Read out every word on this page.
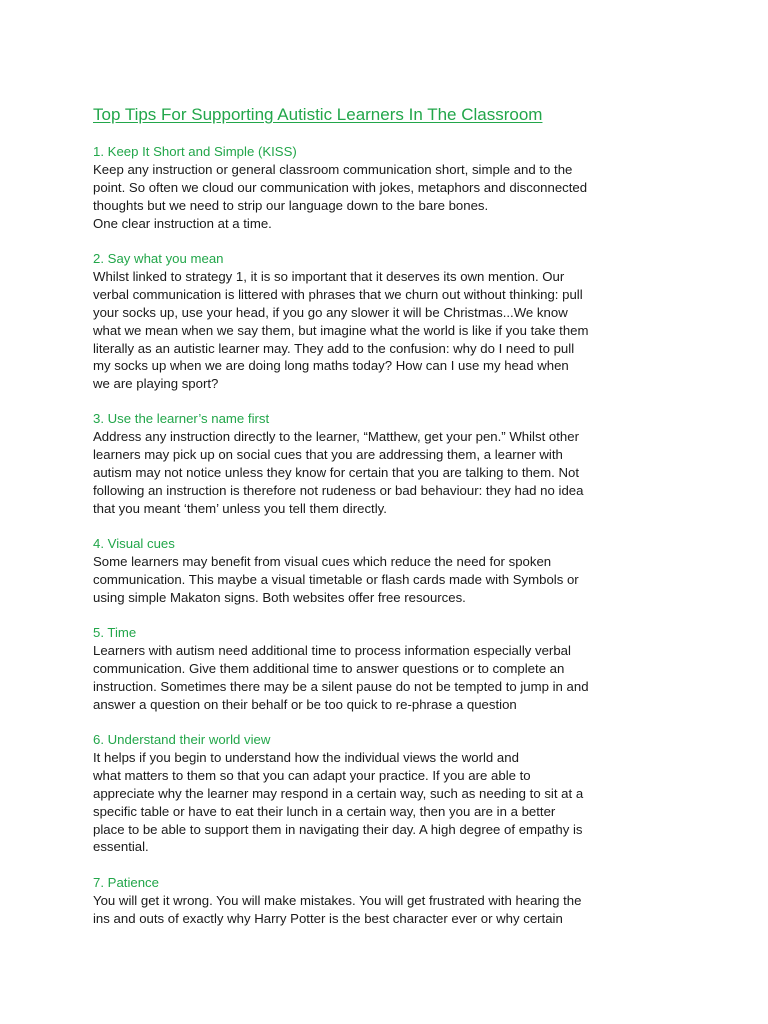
Top Tips For Supporting Autistic Learners In The Classroom
1. Keep It Short and Simple (KISS)
Keep any instruction or general classroom communication short, simple and to the
point. So often we cloud our communication with jokes, metaphors and disconnected
thoughts but we need to strip our language down to the bare bones.
One clear instruction at a time.
2. Say what you mean
Whilst linked to strategy 1, it is so important that it deserves its own mention. Our
verbal communication is littered with phrases that we churn out without thinking: pull
your socks up, use your head, if you go any slower it will be Christmas...We know
what we mean when we say them, but imagine what the world is like if you take them
literally as an autistic learner may. They add to the confusion: why do I need to pull
my socks up when we are doing long maths today? How can I use my head when
we are playing sport?
3. Use the learner’s name first
Address any instruction directly to the learner, “Matthew, get your pen.” Whilst other
learners may pick up on social cues that you are addressing them, a learner with
autism may not notice unless they know for certain that you are talking to them. Not
following an instruction is therefore not rudeness or bad behaviour: they had no idea
that you meant ‘them’ unless you tell them directly.
4. Visual cues
Some learners may benefit from visual cues which reduce the need for spoken
communication. This maybe a visual timetable or flash cards made with Symbols or
using simple Makaton signs. Both websites offer free resources.
5. Time
Learners with autism need additional time to process information especially verbal
communication. Give them additional time to answer questions or to complete an
instruction. Sometimes there may be a silent pause do not be tempted to jump in and
answer a question on their behalf or be too quick to re-phrase a question
6. Understand their world view
It helps if you begin to understand how the individual views the world and
what matters to them so that you can adapt your practice. If you are able to
appreciate why the learner may respond in a certain way, such as needing to sit at a
specific table or have to eat their lunch in a certain way, then you are in a better
place to be able to support them in navigating their day. A high degree of empathy is
essential.
7. Patience
You will get it wrong. You will make mistakes. You will get frustrated with hearing the
ins and outs of exactly why Harry Potter is the best character ever or why certain
